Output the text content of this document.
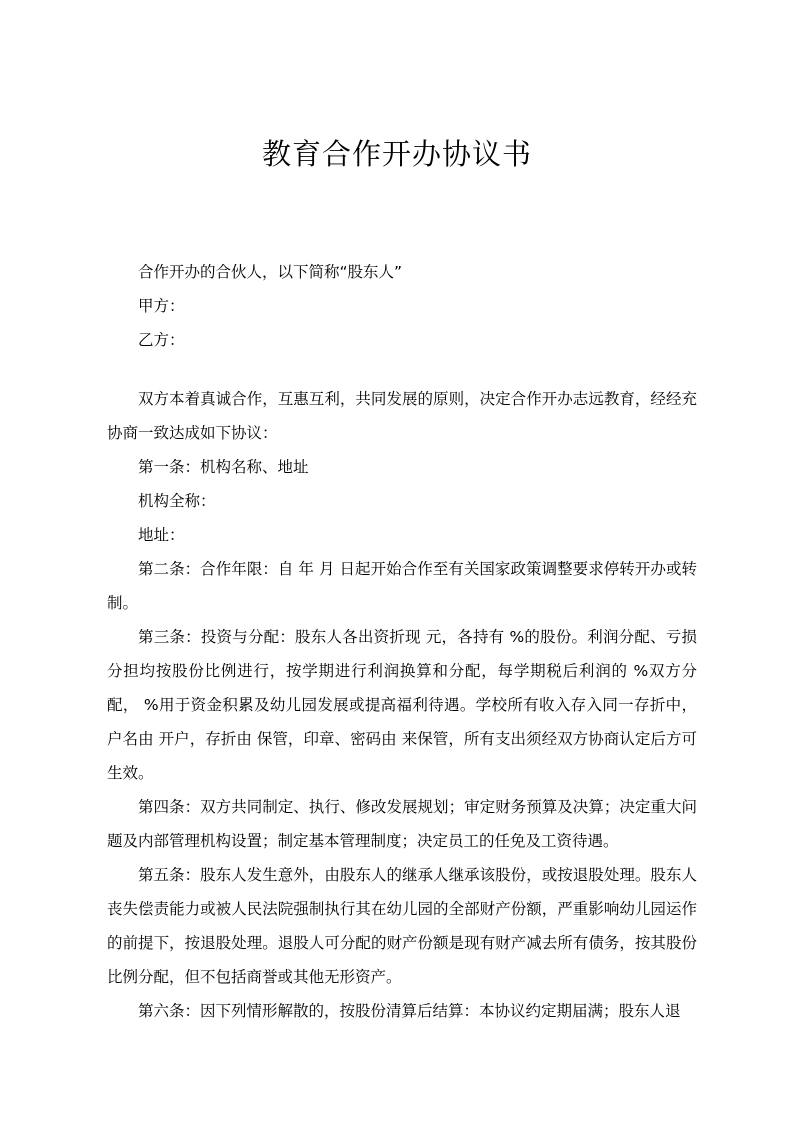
教育合作开办协议书

合作开办的合伙人，以下简称“股东人”

甲方：

乙方：

双方本着真诚合作，互惠互利，共同发展的原则，决定合作开办志远教育，经经充协商一致达成如下协议：

第一条：机构名称、地址

机构全称：

地址：

第二条：合作年限：自 年 月 日起开始合作至有关国家政策调整要求停转开办或转制。

第三条：投资与分配：股东人各出资折现 元，各持有 %的股份。利润分配、亏损分担均按股份比例进行，按学期进行利润换算和分配，每学期税后利润的 %双方分配， %用于资金积累及幼儿园发展或提高福利待遇。学校所有收入存入同一存折中，户名由 开户，存折由 保管，印章、密码由 来保管，所有支出须经双方协商认定后方可生效。

第四条：双方共同制定、执行、修改发展规划；审定财务预算及决算；决定重大问题及内部管理机构设置；制定基本管理制度；决定员工的任免及工资待遇。

第五条：股东人发生意外，由股东人的继承人继承该股份，或按退股处理。股东人丧失偿责能力或被人民法院强制执行其在幼儿园的全部财产份额，严重影响幼儿园运作的前提下，按退股处理。退股人可分配的财产份额是现有财产减去所有债务，按其股份比例分配，但不包括商誉或其他无形资产。

第六条：因下列情形解散的，按股份清算后结算：本协议约定期届满；股东人退
